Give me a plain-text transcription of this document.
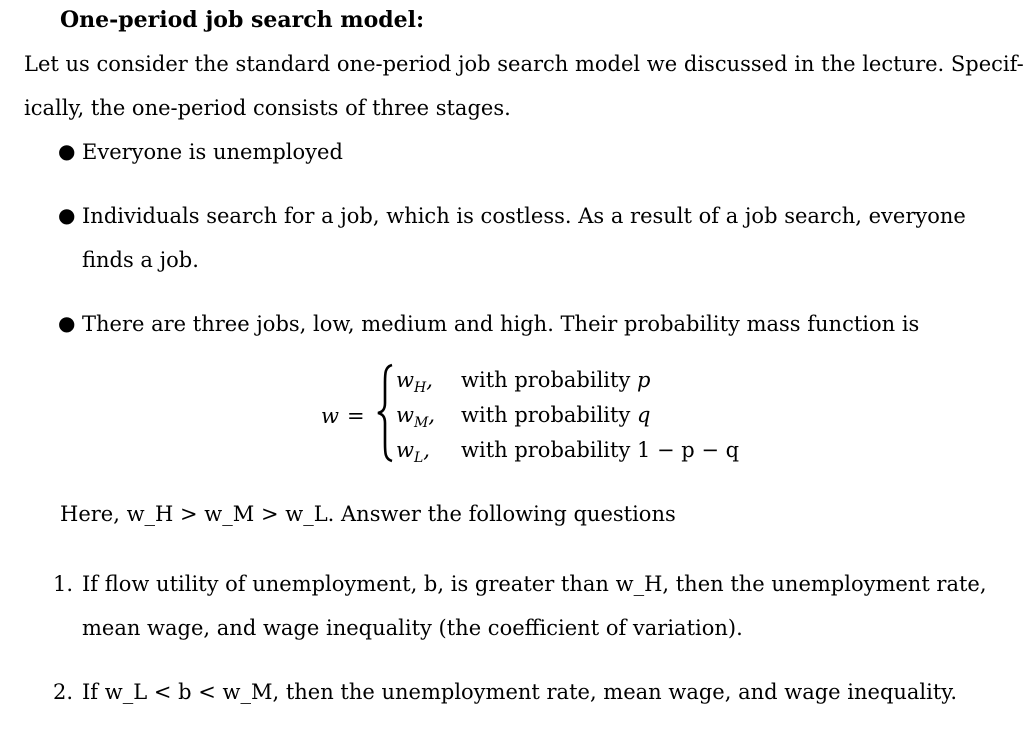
One-period job search model:
Let us consider the standard one-period job search model we discussed in the lecture. Specif-
ically, the one-period consists of three stages.
● Everyone is unemployed
● Individuals search for a job, which is costless. As a result of a job search, everyone
finds a job.
● There are three jobs, low, medium and high. Their probability mass function is
w =
$w_H$, with probability p
$w_M$, with probability q
$w_L$, with probability 1 − p − q
Here, w_H > w_M > w_L. Answer the following questions
1. If flow utility of unemployment, b, is greater than w_H, then the unemployment rate,
mean wage, and wage inequality (the coefficient of variation).
2. If w_L < b < w_M, then the unemployment rate, mean wage, and wage inequality.
